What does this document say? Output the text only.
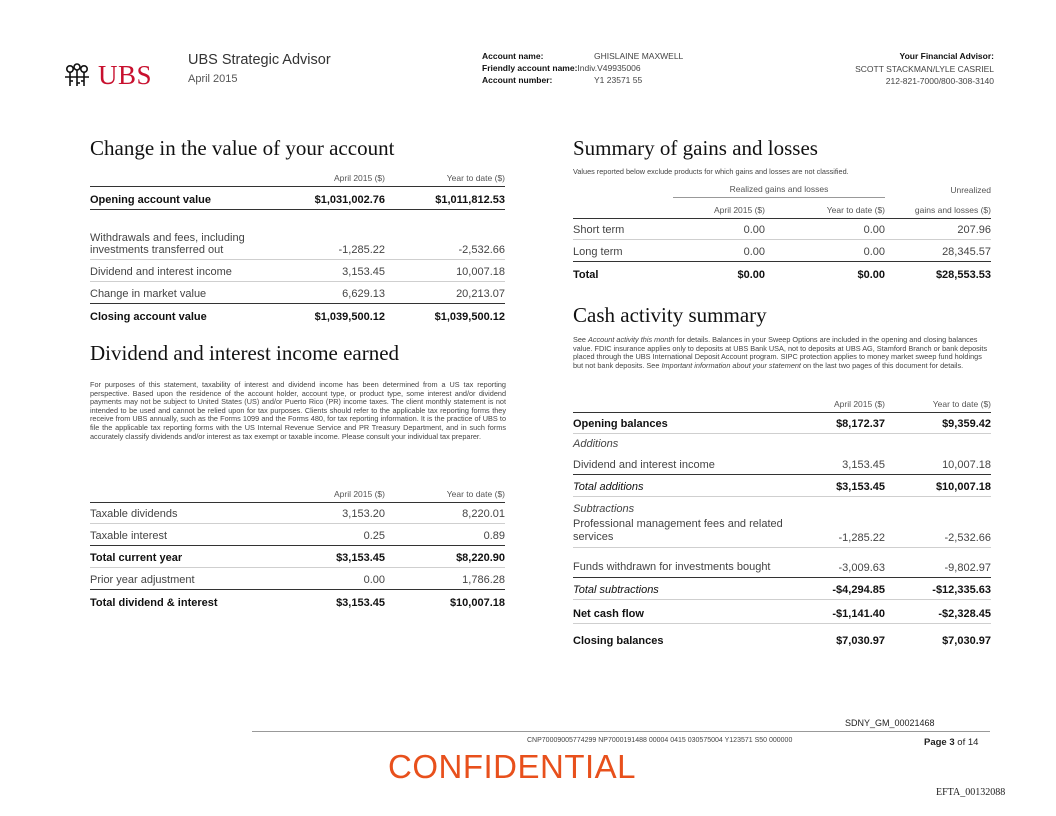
UBS UBS Strategic Advisor
April 2015
Account name:	GHISLAINE MAXWELL
Friendly account name: Indiv.V49935006
Account number:	Y1 23571 55
Your Financial Advisor:
SCOTT STACKMAN/LYLE CASRIEL
212-821-7000/800-308-3140
Change in the value of your account
April 2015 ($)	Year to date ($)
Opening account value	$1,031,002.76	$1,011,812.53
Withdrawals and fees, including investments transferred out	-1,285.22	-2,532.66
Dividend and interest income	3,153.45	10,007.18
Change in market value	6,629.13	20,213.07
Closing account value	$1,039,500.12	$1,039,500.12
Dividend and interest income earned
For purposes of this statement, taxability of interest and dividend income has been determined from a US tax reporting perspective. Based upon the residence of the account holder, account type, or product type, some interest and/or dividend payments may not be subject to United States (US) and/or Puerto Rico (PR) income taxes. The client monthly statement is not intended to be used and cannot be relied upon for tax purposes. Clients should refer to the applicable tax reporting forms they receive from UBS annually, such as the Forms 1099 and the Forms 480, for tax reporting information. It is the practice of UBS to file the applicable tax reporting forms with the US Internal Revenue Service and PR Treasury Department, and in such forms accurately classify dividends and/or interest as tax exempt or taxable income. Please consult your individual tax preparer.
April 2015 ($)	Year to date ($)
Taxable dividends	3,153.20	8,220.01
Taxable interest	0.25	0.89
Total current year	$3,153.45	$8,220.90
Prior year adjustment	0.00	1,786.28
Total dividend & interest	$3,153.45	$10,007.18
Summary of gains and losses
Values reported below exclude products for which gains and losses are not classified.
Realized gains and losses	Unrealized
April 2015 ($)	Year to date ($)	gains and losses ($)
Short term	0.00	0.00	207.96
Long term	0.00	0.00	28,345.57
Total	$0.00	$0.00	$28,553.53
Cash activity summary
See Account activity this month for details. Balances in your Sweep Options are included in the opening and closing balances value. FDIC insurance applies only to deposits at UBS Bank USA, not to deposits at UBS AG, Stamford Branch or bank deposits placed through the UBS International Deposit Account program. SIPC protection applies to money market sweep fund holdings but not bank deposits. See Important information about your statement on the last two pages of this document for details.
April 2015 ($)	Year to date ($)
Opening balances	$8,172.37	$9,359.42
Additions
Dividend and interest income	3,153.45	10,007.18
Total additions	$3,153.45	$10,007.18
Subtractions
Professional management fees and related services	-1,285.22	-2,532.66
Funds withdrawn for investments bought	-3,009.63	-9,802.97
Total subtractions	-$4,294.85	-$12,335.63
Net cash flow	-$1,141.40	-$2,328.45
Closing balances	$7,030.97	$7,030.97
SDNY_GM_00021468
CNP70009005774299 NP7000191488 00004 0415 030575004 Y123571 S50 000000	Page 3 of 14
CONFIDENTIAL
EFTA_00132088
